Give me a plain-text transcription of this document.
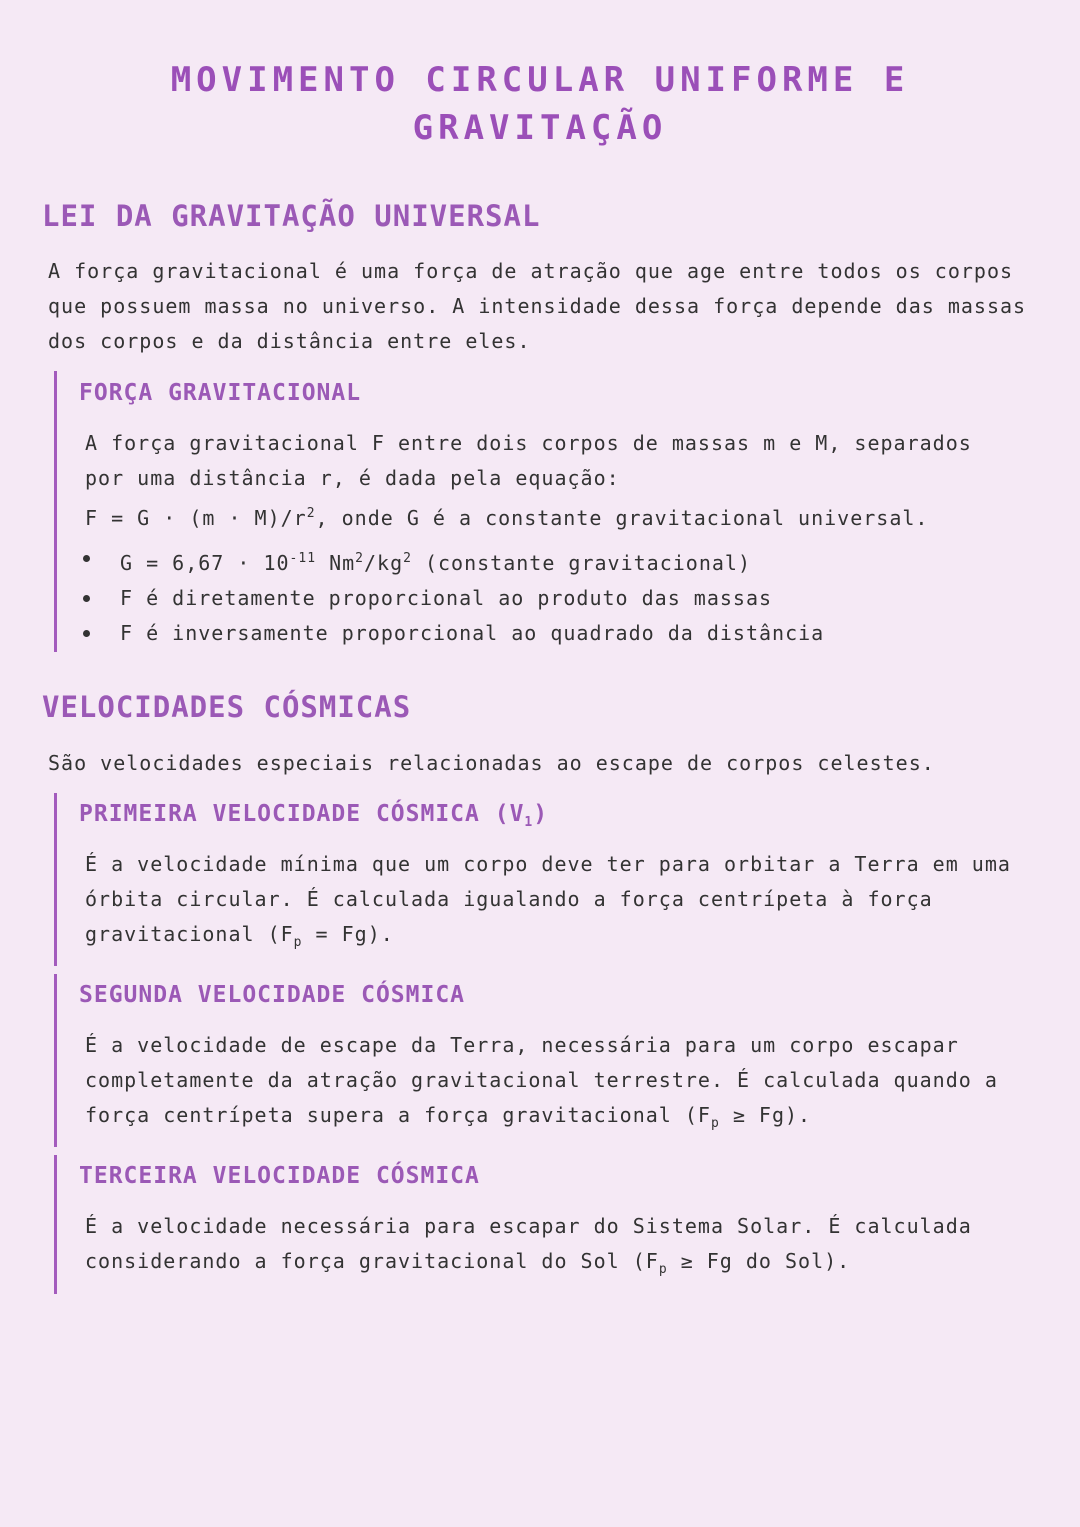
MOVIMENTO CIRCULAR UNIFORME E
GRAVITAÇÃO
LEI DA GRAVITAÇÃO UNIVERSAL

A força gravitacional é uma força de atração que age entre todos os corpos
que possuem massa no universo. A intensidade dessa força depende das massas
dos corpos e da distância entre eles.

FORÇA GRAVITACIONAL

A força gravitacional F entre dois corpos de massas m e M, separados
por uma distância r, é dada pela equação:
$F = G \cdot (m \cdot M)/r^2$, onde G é a constante gravitacional universal.

$G = 6,67 \cdot 10^{-11}$ $Nm^2/kg^2$ (constante gravitacional)
F é diretamente proporcional ao produto das massas
F é inversamente proporcional ao quadrado da distância
VELOCIDADES CÓSMICAS

São velocidades especiais relacionadas ao escape de corpos celestes.

PRIMEIRA VELOCIDADE CÓSMICA $(V_1)$

É a velocidade mínima que um corpo deve ter para orbitar a Terra em uma
órbita circular. É calculada igualando a força centrípeta à força
gravitacional $(F_p = Fg)$.

SEGUNDA VELOCIDADE CÓSMICA

É a velocidade de escape da Terra, necessária para um corpo escapar
completamente da atração gravitacional terrestre. É calculada quando a
força centrípeta supera a força gravitacional $(F_p \ge Fg)$.

TERCEIRA VELOCIDADE CÓSMICA

É a velocidade necessária para escapar do Sistema Solar. É calculada
considerando a força gravitacional do Sol ($F_p \ge Fg$ do Sol).
